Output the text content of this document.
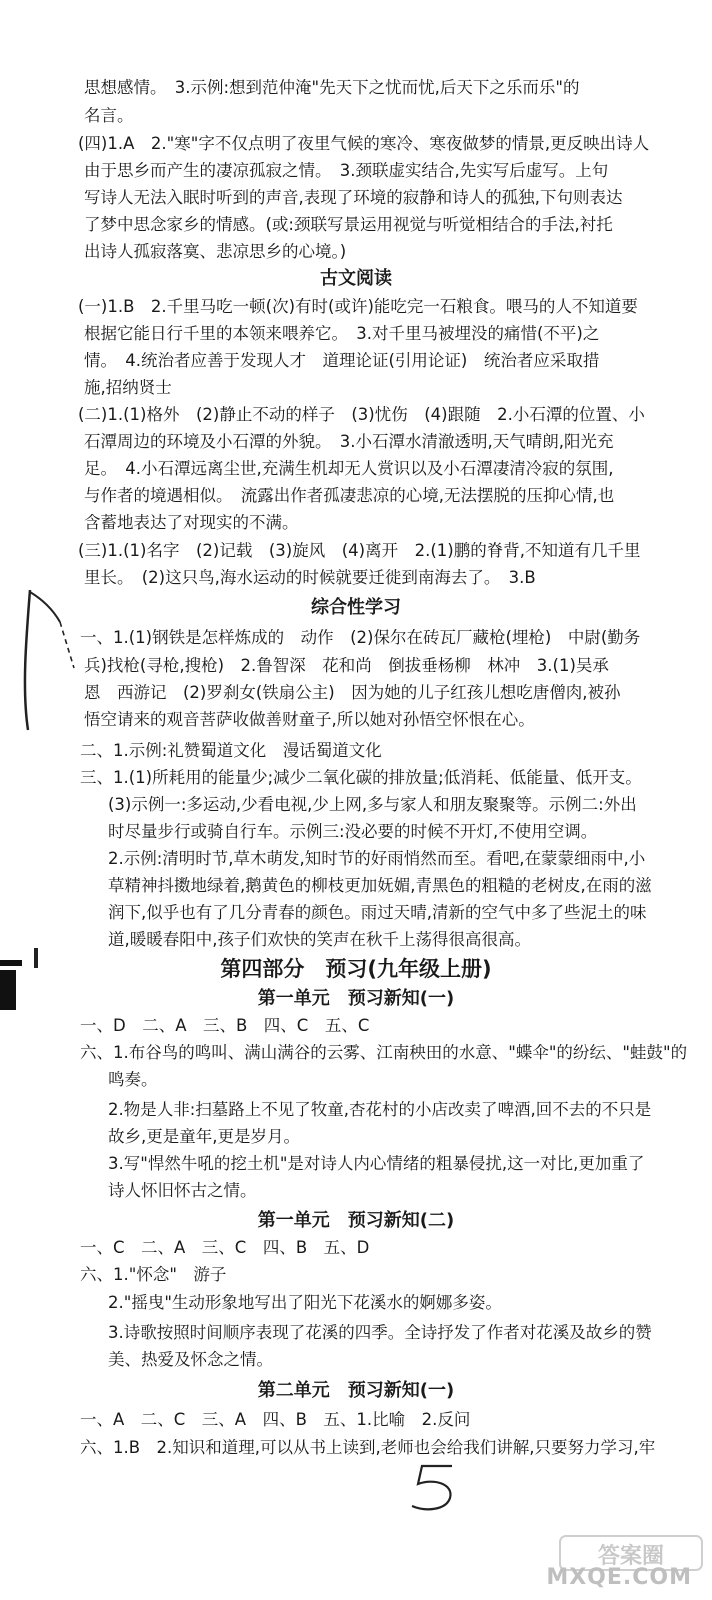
思想感情。　3.示例:想到范仲淹"先天下之忧而忧,后天下之乐而乐"的
名言。
(四)1.A　2."寒"字不仅点明了夜里气候的寒冷、寒夜做梦的情景,更反映出诗人
由于思乡而产生的凄凉孤寂之情。　3.颈联虚实结合,先实写后虚写。上句
写诗人无法入眠时听到的声音,表现了环境的寂静和诗人的孤独,下句则表达
了梦中思念家乡的情感。(或:颈联写景运用视觉与听觉相结合的手法,衬托
出诗人孤寂落寞、悲凉思乡的心境。)
古文阅读
(一)1.B　2.千里马吃一顿(次)有时(或许)能吃完一石粮食。喂马的人不知道要
根据它能日行千里的本领来喂养它。　3.对千里马被埋没的痛惜(不平)之
情。　4.统治者应善于发现人才　道理论证(引用论证)　统治者应采取措
施,招纳贤士
(二)1.(1)格外　(2)静止不动的样子　(3)忧伤　(4)跟随　2.小石潭的位置、小
石潭周边的环境及小石潭的外貌。　3.小石潭水清澈透明,天气晴朗,阳光充
足。　4.小石潭远离尘世,充满生机却无人赏识以及小石潭凄清冷寂的氛围,
与作者的境遇相似。　流露出作者孤凄悲凉的心境,无法摆脱的压抑心情,也
含蓄地表达了对现实的不满。
(三)1.(1)名字　(2)记载　(3)旋风　(4)离开　2.(1)鹏的脊背,不知道有几千里
里长。　(2)这只鸟,海水运动的时候就要迁徙到南海去了。　3.B
综合性学习
一、1.(1)钢铁是怎样炼成的　动作　(2)保尔在砖瓦厂藏枪(埋枪)　中尉(勤务
兵)找枪(寻枪,搜枪)　2.鲁智深　花和尚　倒拔垂杨柳　林冲　3.(1)吴承
恩　西游记　(2)罗刹女(铁扇公主)　因为她的儿子红孩儿想吃唐僧肉,被孙
悟空请来的观音菩萨收做善财童子,所以她对孙悟空怀恨在心。
二、1.示例:礼赞蜀道文化　漫话蜀道文化
三、1.(1)所耗用的能量少;减少二氧化碳的排放量;低消耗、低能量、低开支。
(3)示例一:多运动,少看电视,少上网,多与家人和朋友聚聚等。示例二:外出
时尽量步行或骑自行车。示例三:没必要的时候不开灯,不使用空调。
2.示例:清明时节,草木萌发,知时节的好雨悄然而至。看吧,在蒙蒙细雨中,小
草精神抖擞地绿着,鹅黄色的柳枝更加妩媚,青黑色的粗糙的老树皮,在雨的滋
润下,似乎也有了几分青春的颜色。雨过天晴,清新的空气中多了些泥土的味
道,暖暖春阳中,孩子们欢快的笑声在秋千上荡得很高很高。
第四部分　预习(九年级上册)
第一单元　预习新知(一)
一、D　二、A　三、B　四、C　五、C
六、1.布谷鸟的鸣叫、满山满谷的云雾、江南秧田的水意、"蝶伞"的纷纭、"蛙鼓"的
鸣奏。
2.物是人非:扫墓路上不见了牧童,杏花村的小店改卖了啤酒,回不去的不只是
故乡,更是童年,更是岁月。
3.写"悍然牛吼的挖土机"是对诗人内心情绪的粗暴侵扰,这一对比,更加重了
诗人怀旧怀古之情。
第一单元　预习新知(二)
一、C　二、A　三、C　四、B　五、D
六、1."怀念"　游子
2."摇曳"生动形象地写出了阳光下花溪水的婀娜多姿。
3.诗歌按照时间顺序表现了花溪的四季。全诗抒发了作者对花溪及故乡的赞
美、热爱及怀念之情。
第二单元　预习新知(一)
一、A　二、C　三、A　四、B　五、1.比喻　2.反问
六、1.B　2.知识和道理,可以从书上读到,老师也会给我们讲解,只要努力学习,牢
答案圈
MXQE.COM
